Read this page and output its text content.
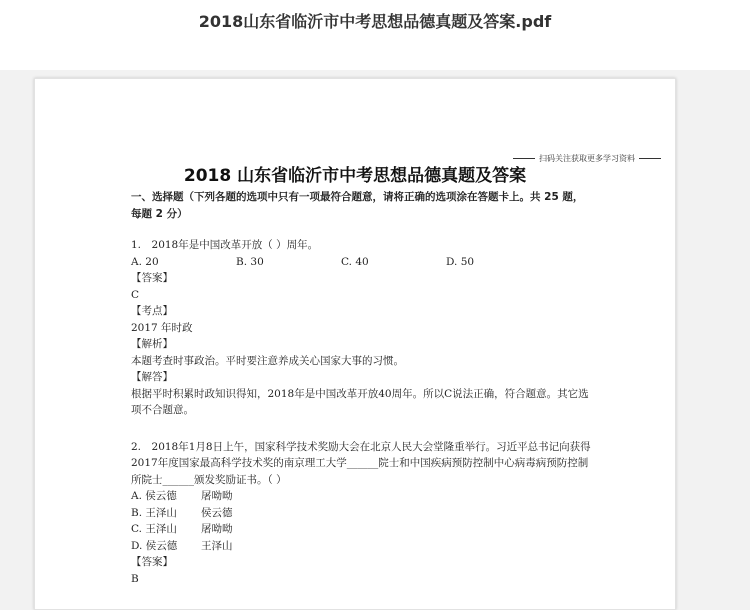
2018山东省临沂市中考思想品德真题及答案.pdf
扫码关注获取更多学习资料
2018 山东省临沂市中考思想品德真题及答案
一、选择题（下列各题的选项中只有一项最符合题意，请将正确的选项涂在答题卡上。共 25 题，每题 2 分）
1.　2018年是中国改革开放（ ）周年。
A. 20	B. 30	C. 40	D. 50
【答案】
C
【考点】
2017 年时政
【解析】
本题考查时事政治。平时要注意养成关心国家大事的习惯。
【解答】
根据平时积累时政知识得知，2018年是中国改革开放40周年。所以C说法正确，符合题意。其它选项不合题意。
2.　2018年1月8日上午，国家科学技术奖励大会在北京人民大会堂隆重举行。习近平总书记向获得2017年度国家最高科学技术奖的南京理工大学______院士和中国疾病预防控制中心病毒病预防控制所院士______颁发奖励证书。（ ）
A. 侯云德 屠呦呦
B. 王泽山 侯云德
C. 王泽山 屠呦呦
D. 侯云德 王泽山
【答案】
B
